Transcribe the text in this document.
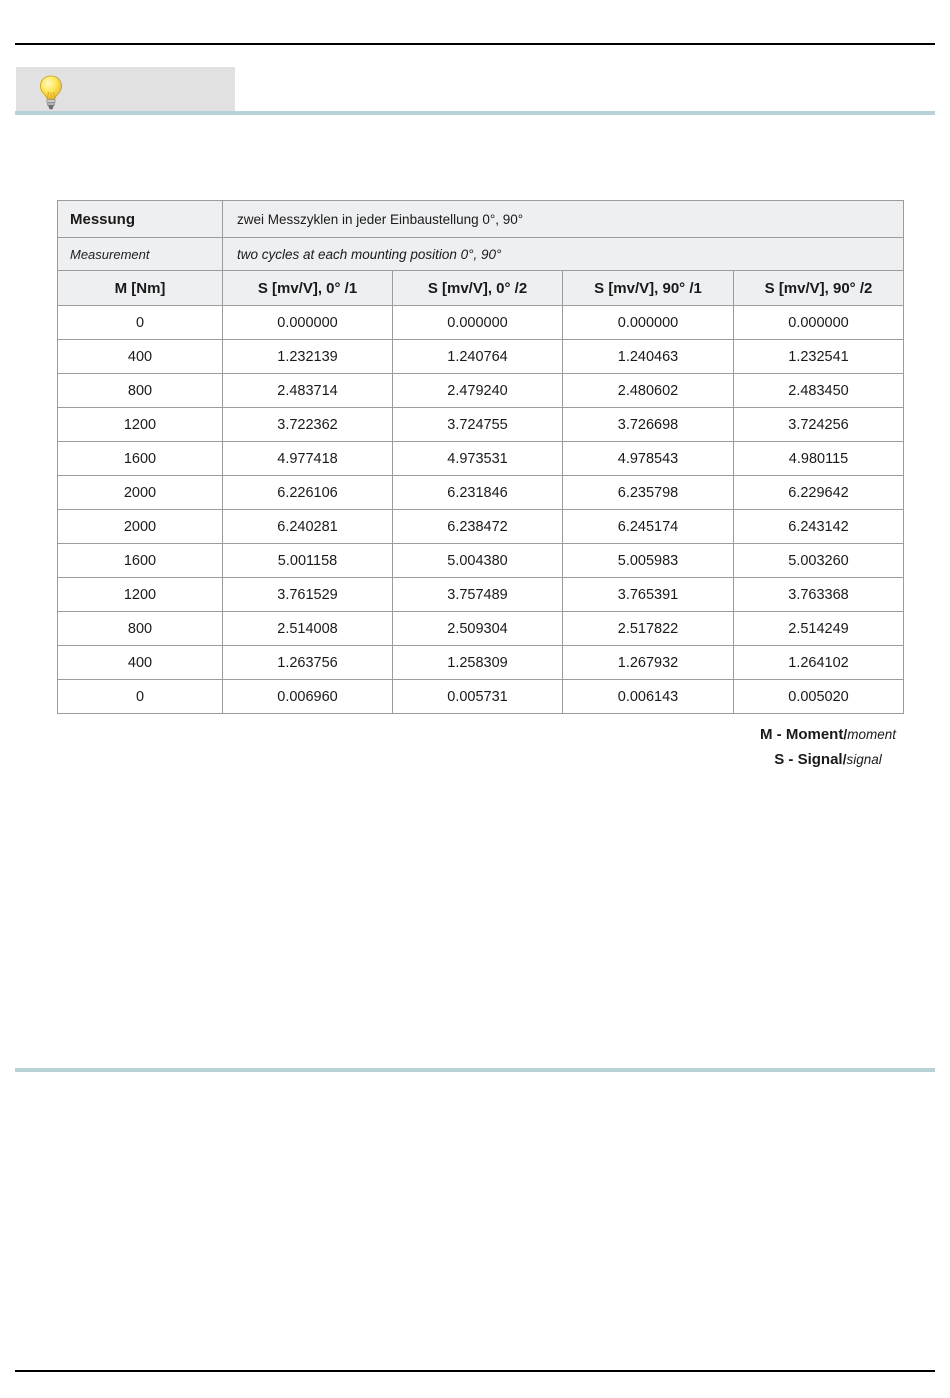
Messung	zwei Messzyklen in jeder Einbaustellung 0°, 90°			
Measurement	two cycles at each mounting position 0°, 90°			
M [Nm]	S [mv/V], 0° /1	S [mv/V], 0° /2	S [mv/V], 90° /1	S [mv/V], 90° /2
0	0.000000	0.000000	0.000000	0.000000
400	1.232139	1.240764	1.240463	1.232541
800	2.483714	2.479240	2.480602	2.483450
1200	3.722362	3.724755	3.726698	3.724256
1600	4.977418	4.973531	4.978543	4.980115
2000	6.226106	6.231846	6.235798	6.229642
2000	6.240281	6.238472	6.245174	6.243142
1600	5.001158	5.004380	5.005983	5.003260
1200	3.761529	3.757489	3.765391	3.763368
800	2.514008	2.509304	2.517822	2.514249
400	1.263756	1.258309	1.267932	1.264102
0	0.006960	0.005731	0.006143	0.005020
M - Moment/moment
S - Signal/signal
